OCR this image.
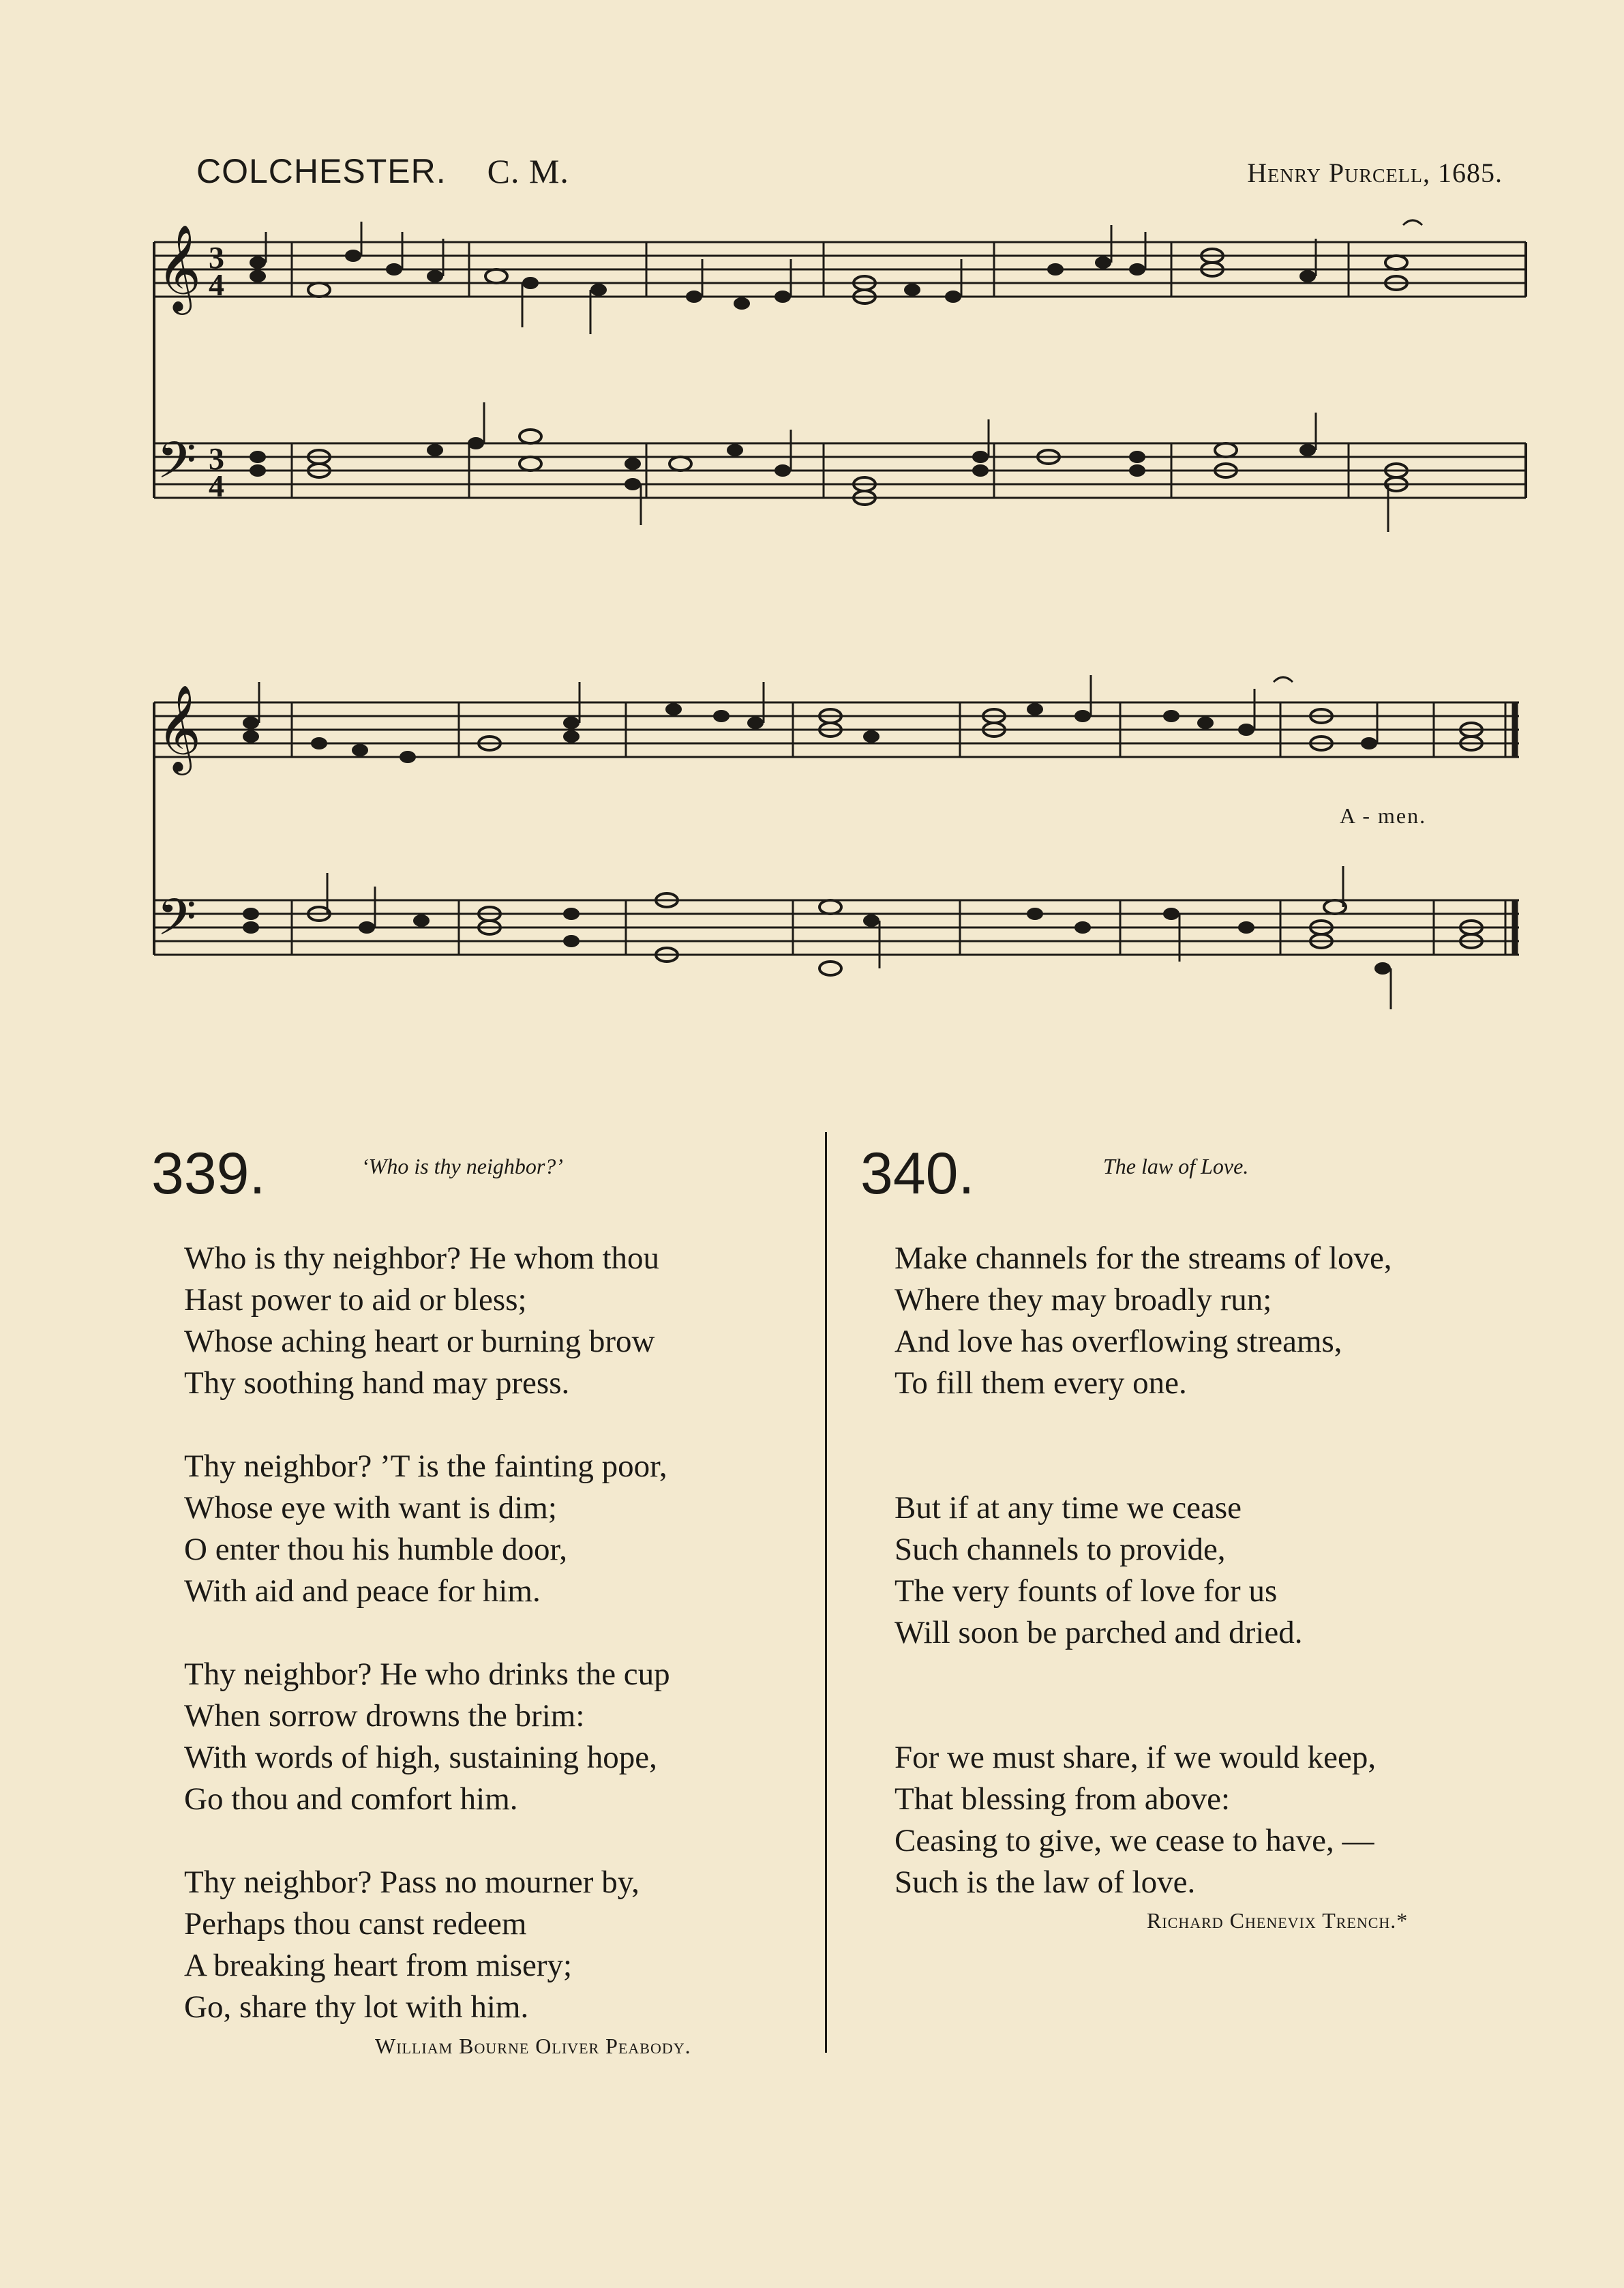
COLCHESTER. C. M.	Henry Purcell, 1685.
𝄞
𝄢
3
4
3
4
𝄞
𝄢
A - men.
339.	‘Who is thy neighbor?’
Who is thy neighbor? He whom thou
Hast power to aid or bless;
Whose aching heart or burning brow
Thy soothing hand may press.
Thy neighbor? ’T is the fainting poor,
Whose eye with want is dim;
O enter thou his humble door,
With aid and peace for him.
Thy neighbor? He who drinks the cup
When sorrow drowns the brim:
With words of high, sustaining hope,
Go thou and comfort him.
Thy neighbor? Pass no mourner by,
Perhaps thou canst redeem
A breaking heart from misery;
Go, share thy lot with him.
William Bourne Oliver Peabody.
340.	The law of Love.
Make channels for the streams of love,
Where they may broadly run;
And love has overflowing streams,
To fill them every one.
But if at any time we cease
Such channels to provide,
The very founts of love for us
Will soon be parched and dried.
For we must share, if we would keep,
That blessing from above:
Ceasing to give, we cease to have, —
Such is the law of love.
Richard Chenevix Trench.*
